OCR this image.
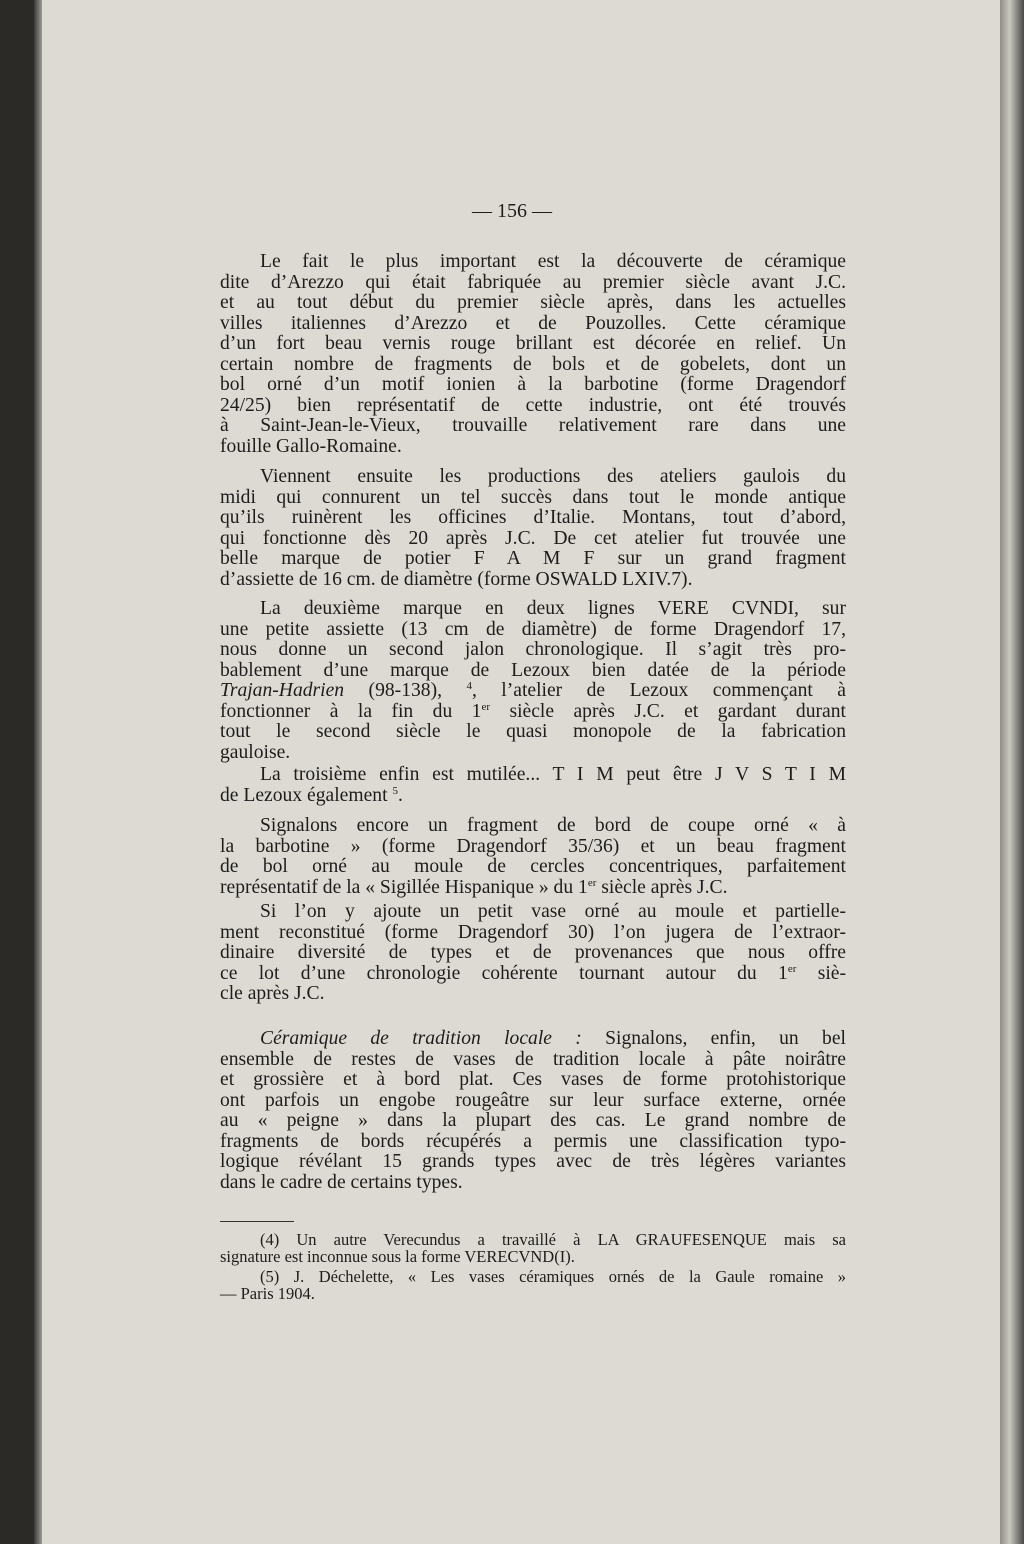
— 156 —
Le fait le plus important est la découverte de céramique
dite d’Arezzo qui était fabriquée au premier siècle avant J.C.
et au tout début du premier siècle après, dans les actuelles
villes italiennes d’Arezzo et de Pouzolles. Cette céramique
d’un fort beau vernis rouge brillant est décorée en relief. Un
certain nombre de fragments de bols et de gobelets, dont un
bol orné d’un motif ionien à la barbotine (forme Dragendorf
24/25) bien représentatif de cette industrie, ont été trouvés
à Saint-Jean-le-Vieux, trouvaille relativement rare dans une
fouille Gallo-Romaine.
Viennent ensuite les productions des ateliers gaulois du
midi qui connurent un tel succès dans tout le monde antique
qu’ils ruinèrent les officines d’Italie. Montans, tout d’abord,
qui fonctionne dès 20 après J.C. De cet atelier fut trouvée une
belle marque de potier F A M F sur un grand fragment
d’assiette de 16 cm. de diamètre (forme OSWALD LXIV.7).
La deuxième marque en deux lignes VERE CVNDI, sur
une petite assiette (13 cm de diamètre) de forme Dragendorf 17,
nous donne un second jalon chronologique. Il s’agit très pro-
bablement d’une marque de Lezoux bien datée de la période
Trajan-Hadrien (98-138), $^4$, l’atelier de Lezoux commençant à
fonctionner à la fin du 1er siècle après J.C. et gardant durant
tout le second siècle le quasi monopole de la fabrication
gauloise.
La troisième enfin est mutilée... T I M peut être J V S T I M
de Lezoux également $^5$.
Signalons encore un fragment de bord de coupe orné « à
la barbotine » (forme Dragendorf 35/36) et un beau fragment
de bol orné au moule de cercles concentriques, parfaitement
représentatif de la « Sigillée Hispanique » du 1er siècle après J.C.
Si l’on y ajoute un petit vase orné au moule et partielle-
ment reconstitué (forme Dragendorf 30) l’on jugera de l’extraor-
dinaire diversité de types et de provenances que nous offre
ce lot d’une chronologie cohérente tournant autour du 1er siè-
cle après J.C.
Céramique de tradition locale : Signalons, enfin, un bel
ensemble de restes de vases de tradition locale à pâte noirâtre
et grossière et à bord plat. Ces vases de forme protohistorique
ont parfois un engobe rougeâtre sur leur surface externe, ornée
au « peigne » dans la plupart des cas. Le grand nombre de
fragments de bords récupérés a permis une classification typo-
logique révélant 15 grands types avec de très légères variantes
dans le cadre de certains types.
(4) Un autre Verecundus a travaillé à LA GRAUFESENQUE mais sa
signature est inconnue sous la forme VERECVND(I).
(5) J. Déchelette, « Les vases céramiques ornés de la Gaule romaine »
— Paris 1904.
